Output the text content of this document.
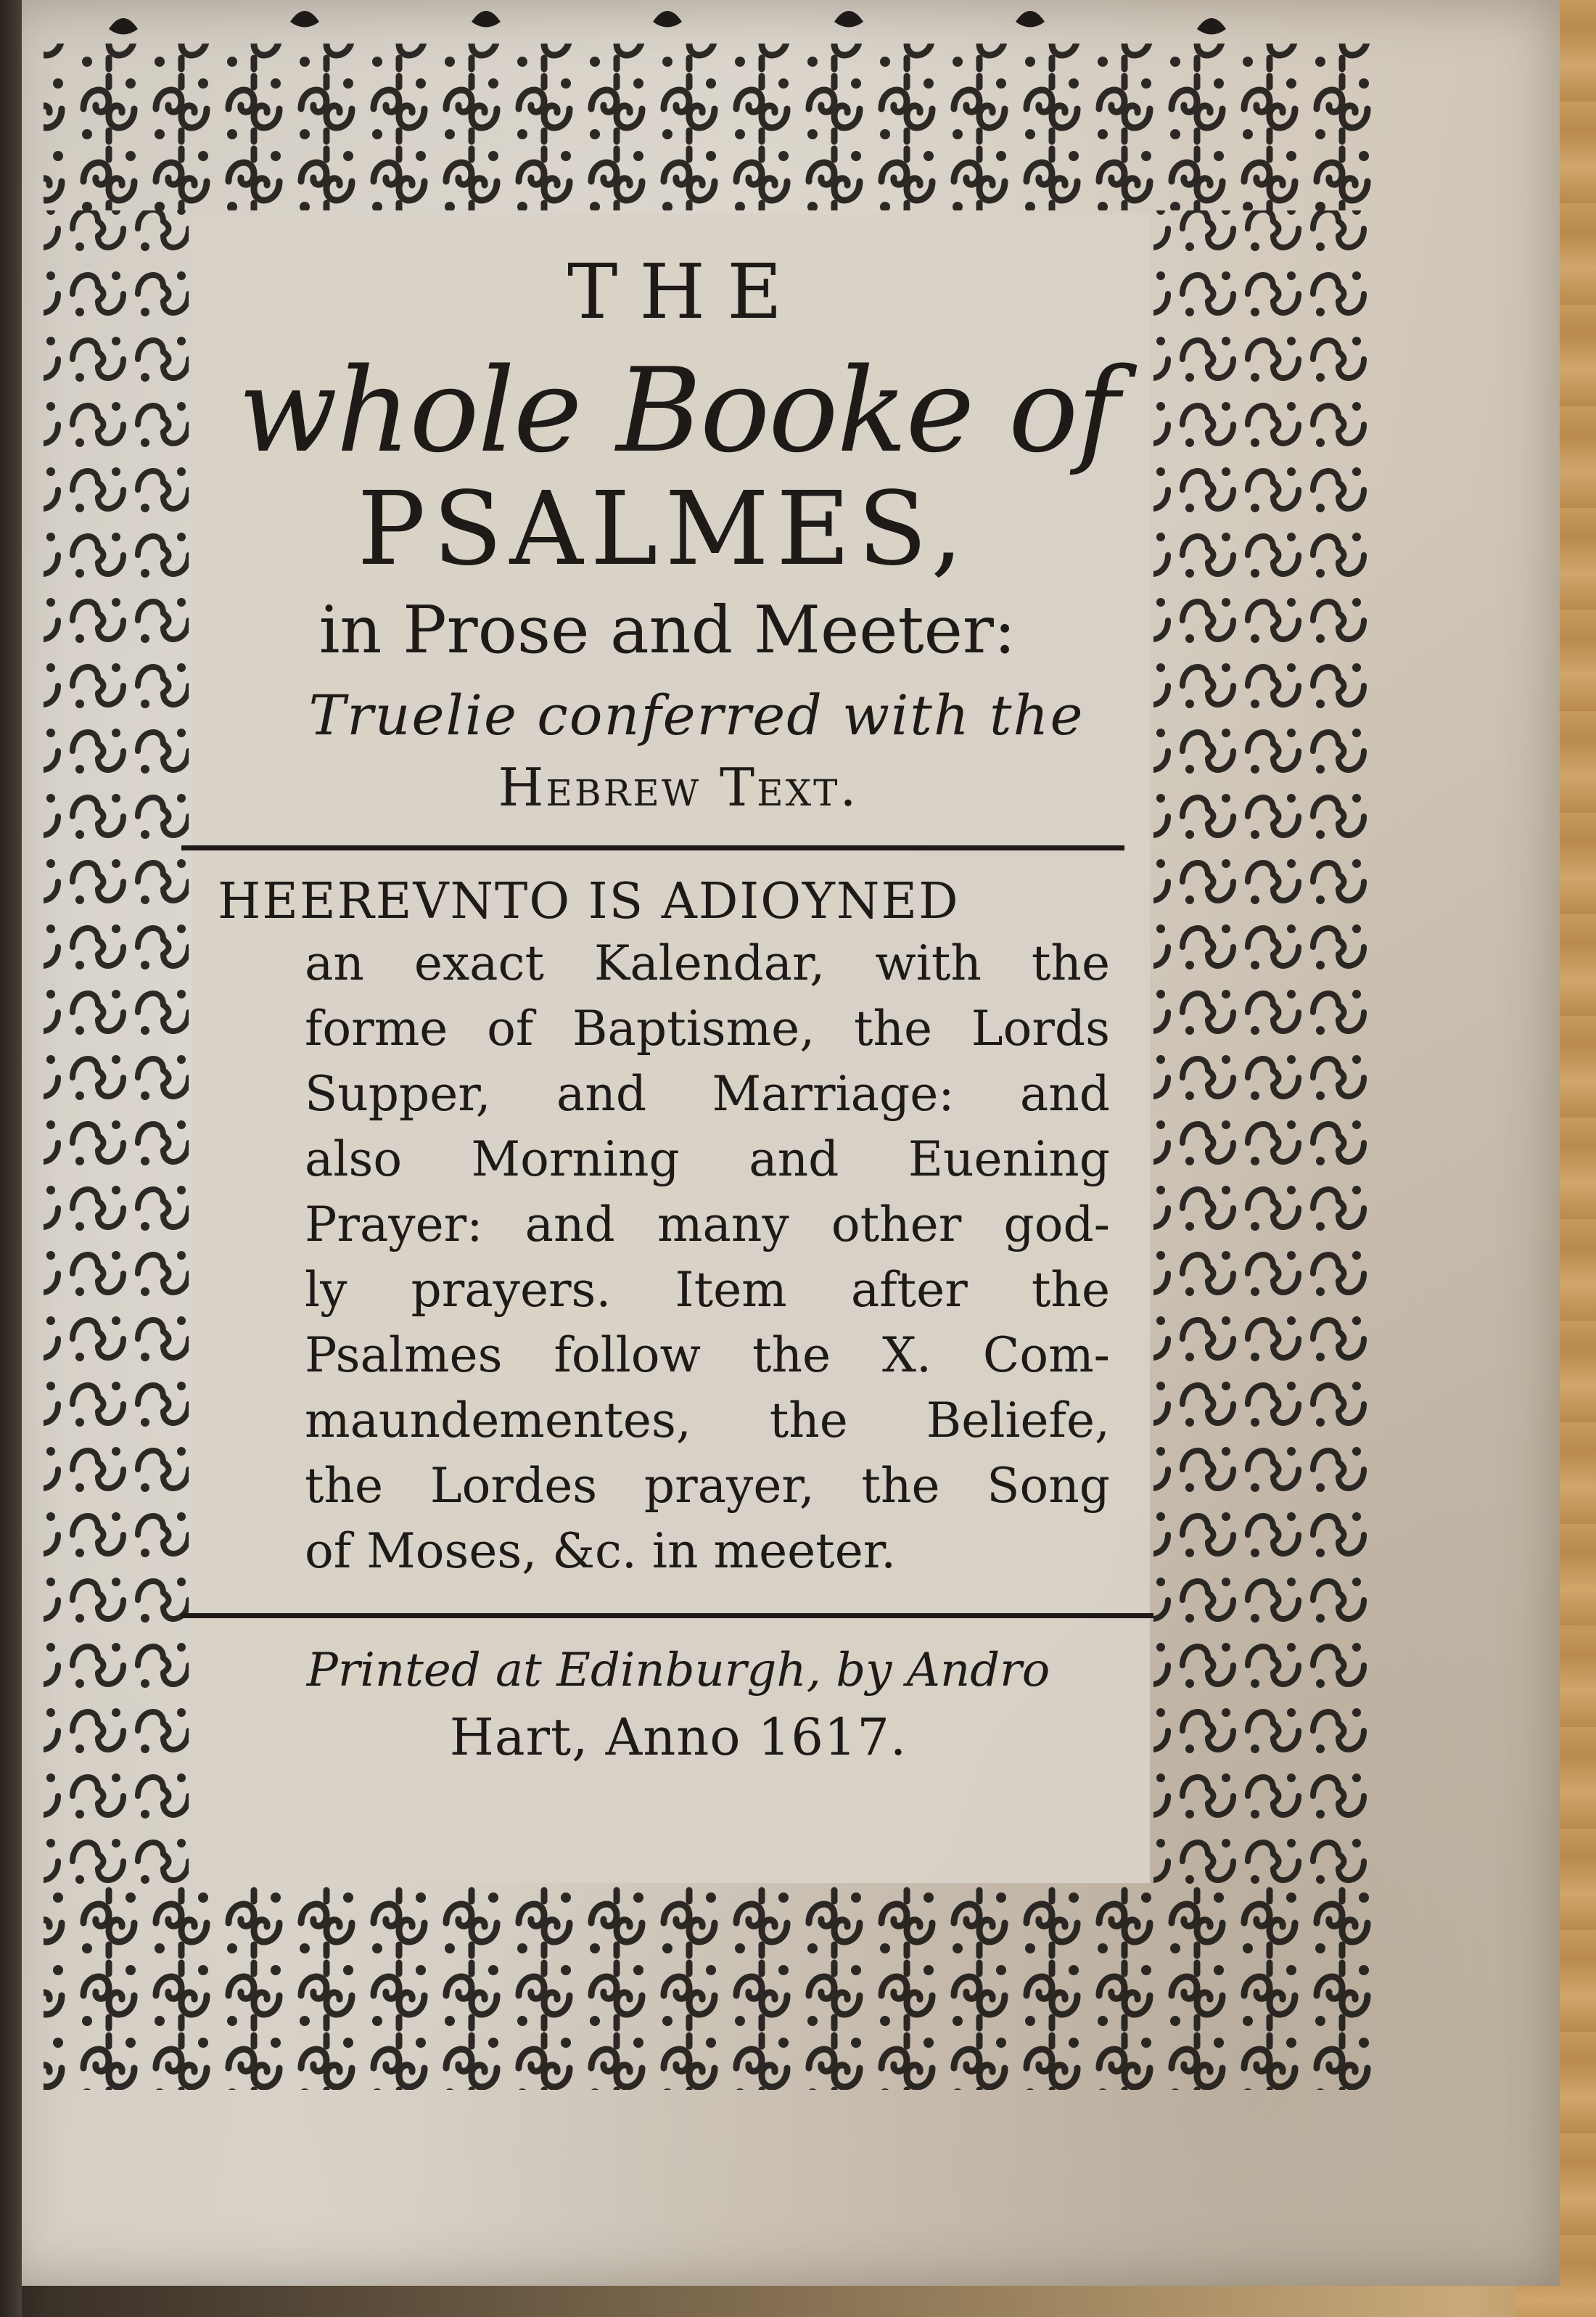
THE
whole Booke of
PSALMES,
in Prose and Meeter:
Truelie conferred with the
Hebrew Text.
HEEREVNTO IS ADIOYNED
an exact Kalendar, with the
forme of Baptisme, the Lords
Supper, and Marriage: and
also Morning and Euening
Prayer: and many other god-
ly prayers. Item after the
Psalmes follow the X. Com-
maundementes, the Beliefe,
the Lordes prayer, the Song
of Moses, &c. in meeter.
Printed at Edinburgh, by Andro
Hart, Anno 1617.
